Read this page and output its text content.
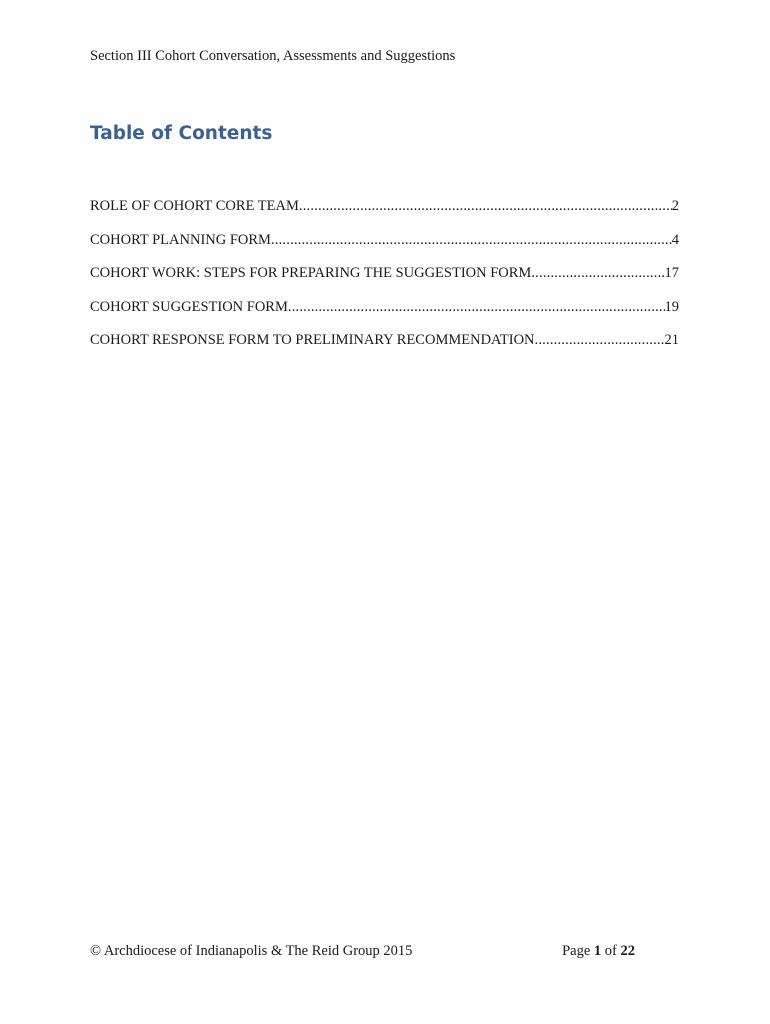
Section III Cohort Conversation, Assessments and Suggestions
Table of Contents
ROLE OF COHORT CORE TEAM .....	2
COHORT PLANNING FORM .....	4
COHORT WORK: STEPS FOR PREPARING THE SUGGESTION FORM .....	17
COHORT SUGGESTION FORM .....	19
COHORT RESPONSE FORM TO PRELIMINARY RECOMMENDATION .....	21
© Archdiocese of Indianapolis & The Reid Group 2015	Page 1 of 22
